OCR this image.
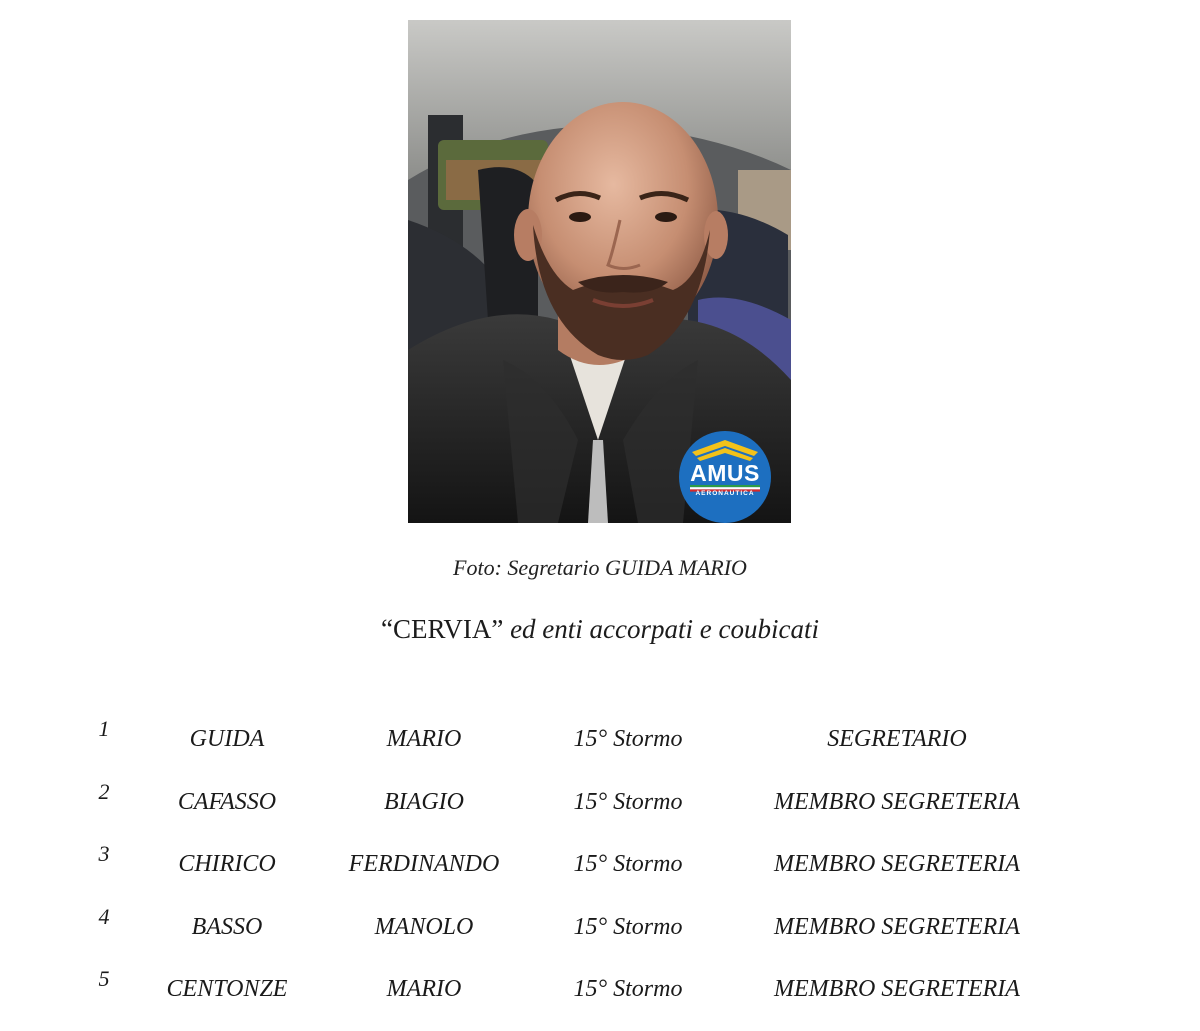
AMUS
AERONAUTICA
Foto: Segretario GUIDA MARIO
“CERVIA” ed enti accorpati e coubicati
1	GUIDA	MARIO	15° Stormo	SEGRETARIO
2	CAFASSO	BIAGIO	15° Stormo	MEMBRO SEGRETERIA
3	CHIRICO	FERDINANDO	15° Stormo	MEMBRO SEGRETERIA
4	BASSO	MANOLO	15° Stormo	MEMBRO SEGRETERIA
5 CENTONZE	MARIO	15° Stormo	MEMBRO SEGRETERIA
